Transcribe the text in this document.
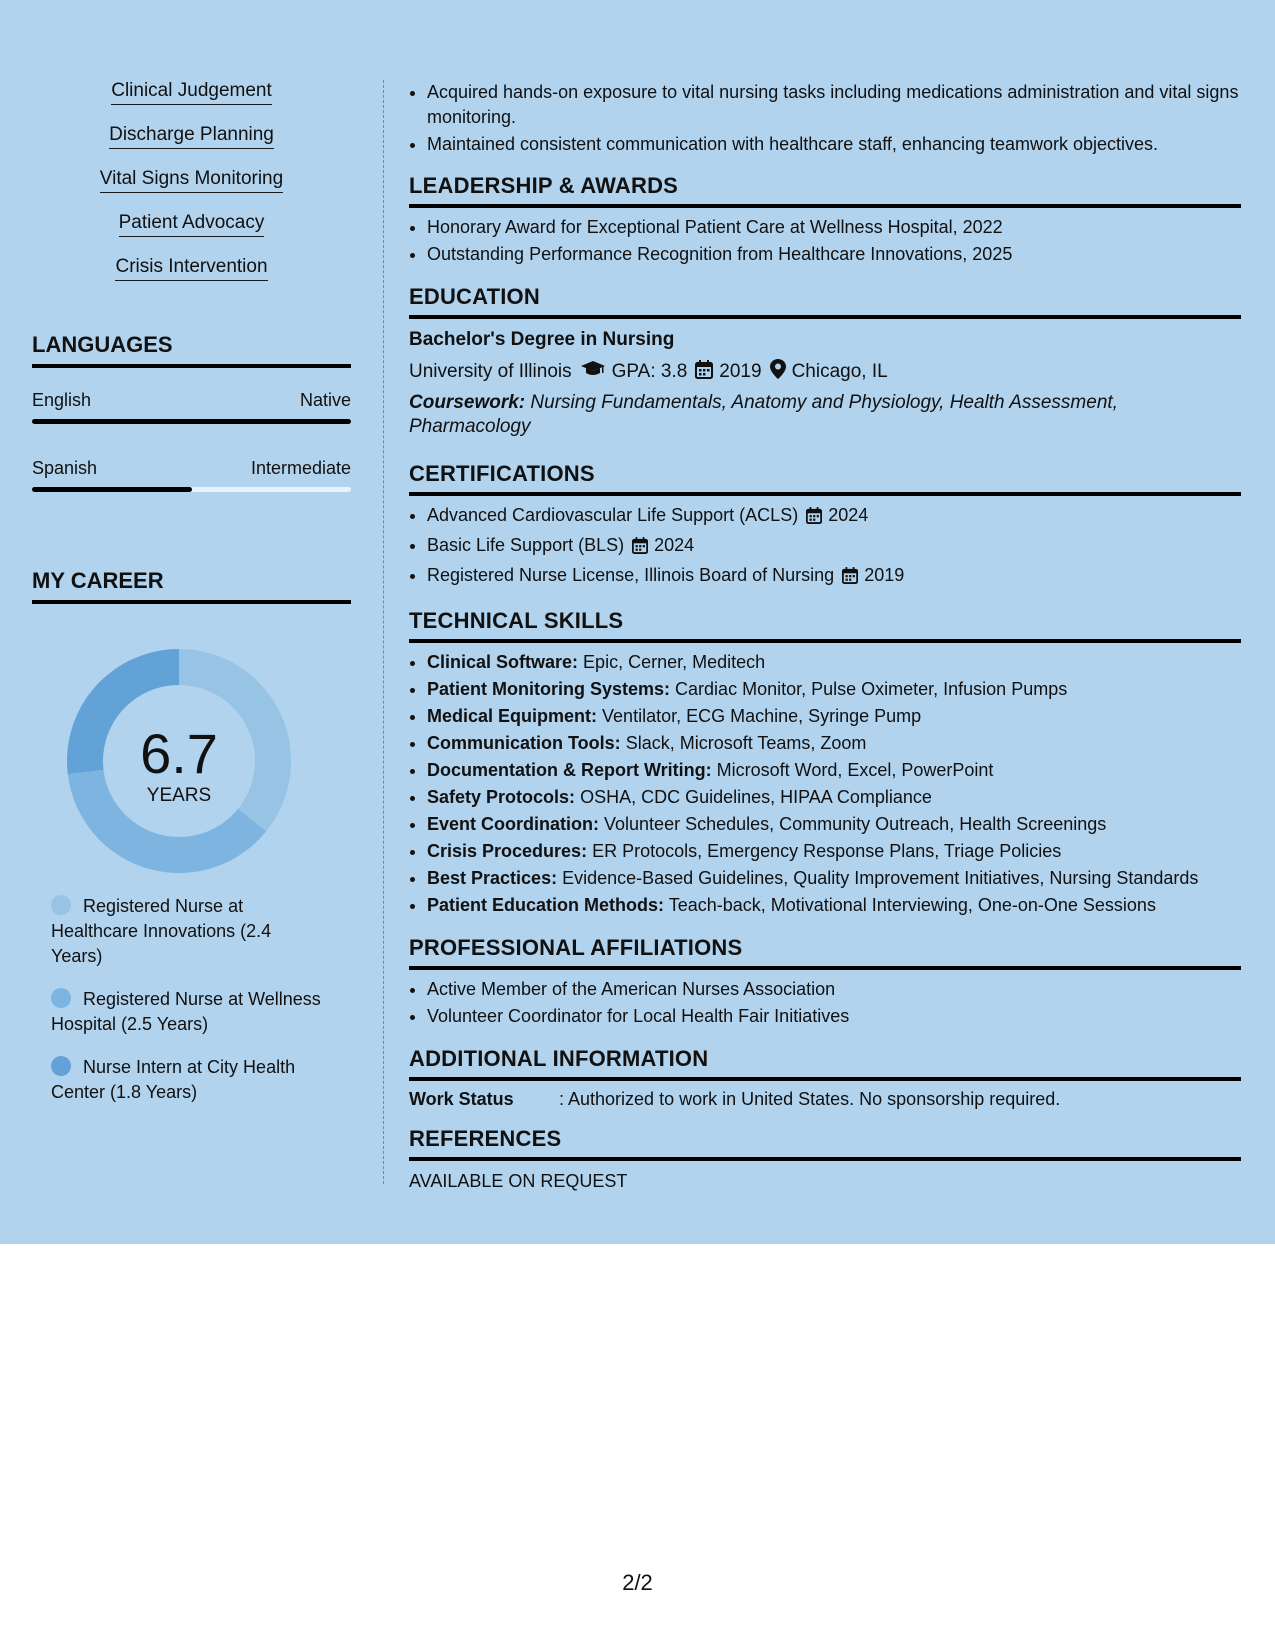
Clinical Judgement
Discharge Planning
Vital Signs Monitoring
Patient Advocacy
Crisis Intervention
LANGUAGES
English	Native
Spanish	Intermediate
MY CAREER
6.7
YEARS
Registered Nurse at Healthcare Innovations (2.4 Years)
Registered Nurse at Wellness Hospital (2.5 Years)
Nurse Intern at City Health Center (1.8 Years)
• Acquired hands-on exposure to vital nursing tasks including medications administration and vital signs monitoring.
• Maintained consistent communication with healthcare staff, enhancing teamwork objectives.
LEADERSHIP & AWARDS
• Honorary Award for Exceptional Patient Care at Wellness Hospital, 2022
• Outstanding Performance Recognition from Healthcare Innovations, 2025
EDUCATION
Bachelor's Degree in Nursing
University of Illinois GPA: 3.8 2019 Chicago, IL
Coursework: Nursing Fundamentals, Anatomy and Physiology, Health Assessment, Pharmacology
CERTIFICATIONS
• Advanced Cardiovascular Life Support (ACLS) 2024
• Basic Life Support (BLS) 2024
• Registered Nurse License, Illinois Board of Nursing 2019
TECHNICAL SKILLS
• Clinical Software: Epic, Cerner, Meditech
• Patient Monitoring Systems: Cardiac Monitor, Pulse Oximeter, Infusion Pumps
• Medical Equipment: Ventilator, ECG Machine, Syringe Pump
• Communication Tools: Slack, Microsoft Teams, Zoom
• Documentation & Report Writing: Microsoft Word, Excel, PowerPoint
• Safety Protocols: OSHA, CDC Guidelines, HIPAA Compliance
• Event Coordination: Volunteer Schedules, Community Outreach, Health Screenings
• Crisis Procedures: ER Protocols, Emergency Response Plans, Triage Policies
• Best Practices: Evidence-Based Guidelines, Quality Improvement Initiatives, Nursing Standards
• Patient Education Methods: Teach-back, Motivational Interviewing, One-on-One Sessions
PROFESSIONAL AFFILIATIONS
• Active Member of the American Nurses Association
• Volunteer Coordinator for Local Health Fair Initiatives
ADDITIONAL INFORMATION
Work Status	: Authorized to work in United States. No sponsorship required.
REFERENCES
AVAILABLE ON REQUEST
2/2
